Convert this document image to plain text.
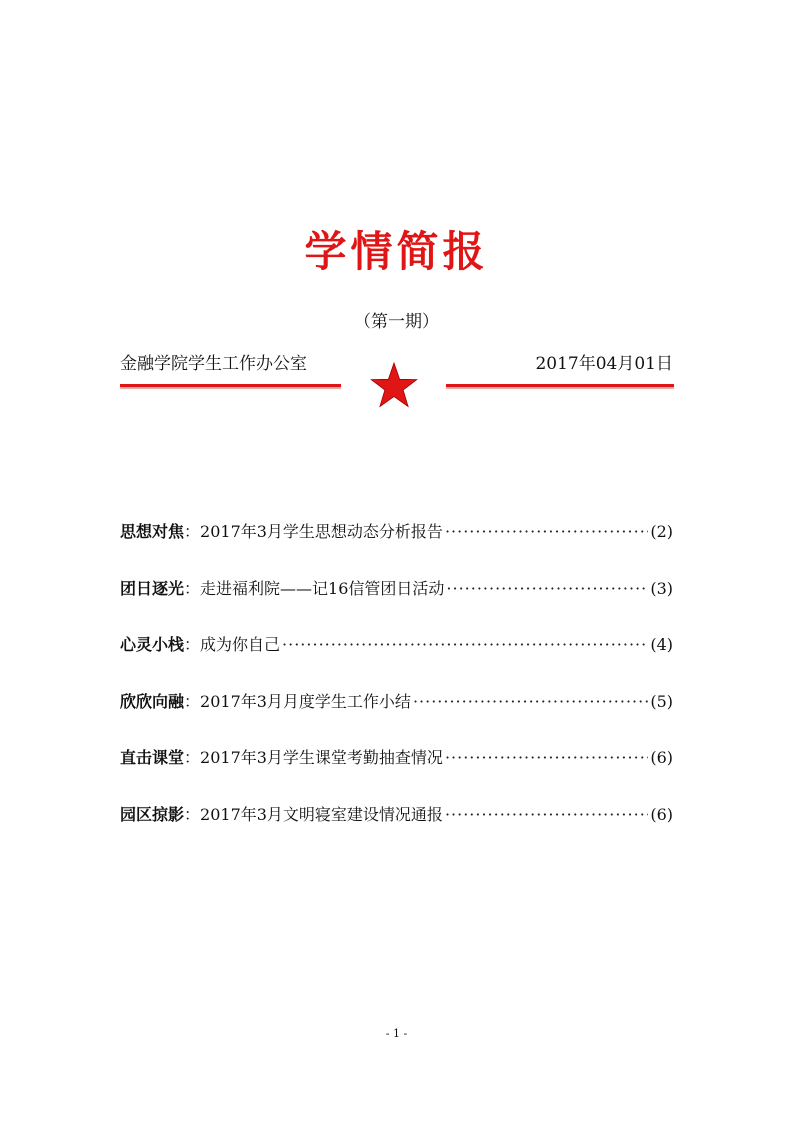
学情简报
（第一期）
金融学院学生工作办公室	2017年04月01日
思想对焦 ： 2017年3月学生思想动态分析报告 ·····	(2)
团日逐光 ： 走进福利院——记16信管团日活动 ·····	(3)
心灵小栈 ： 成为你自己 ·····	(4)
欣欣向融 ： 2017年3月月度学生工作小结 ·····	(5)
直击课堂 ： 2017年3月学生课堂考勤抽查情况 ·····	(6)
园区掠影 ： 2017年3月文明寝室建设情况通报 ·····	(6)
- 1 -
